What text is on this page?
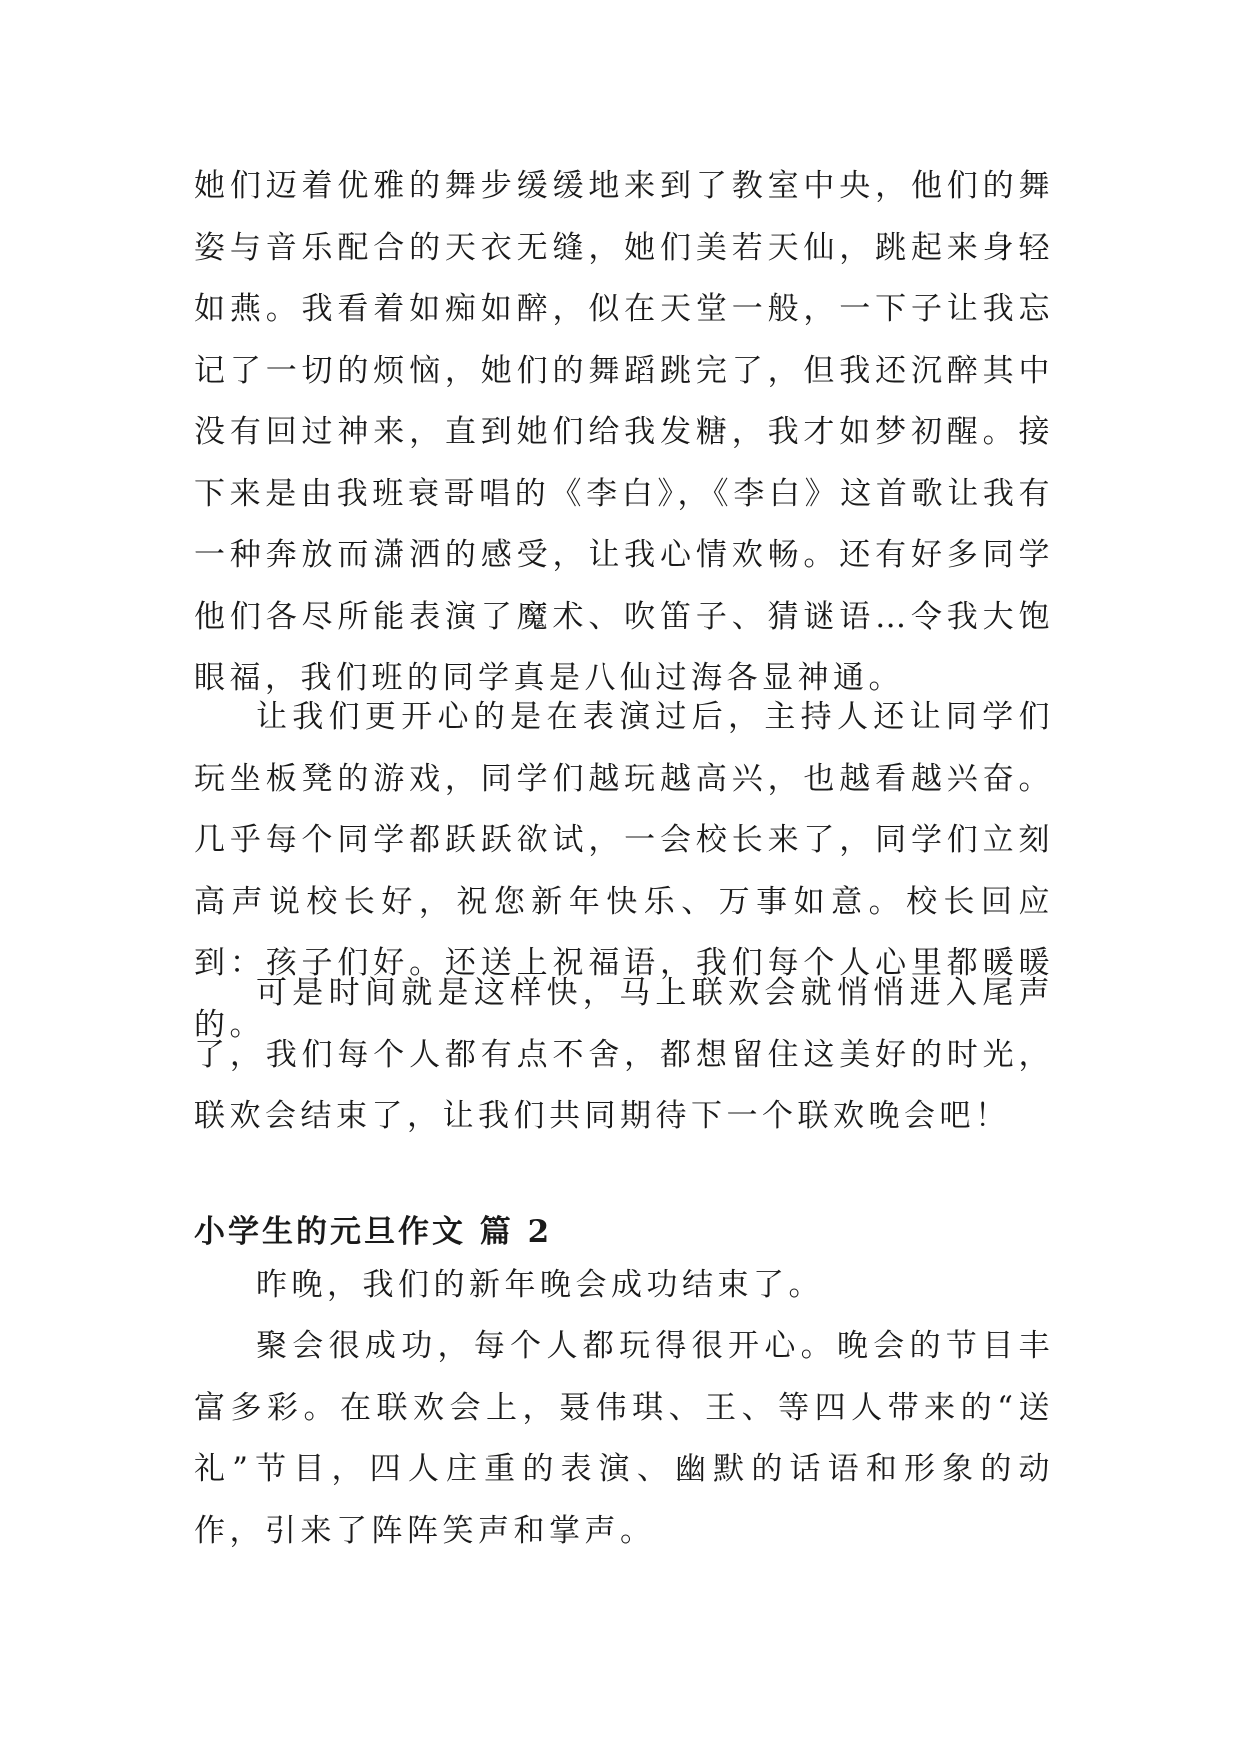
她们迈着优雅的舞步缓缓地来到了教室中央，他们的舞姿与音乐配合的天衣无缝，她们美若天仙，跳起来身轻如燕。我看着如痴如醉，似在天堂一般，一下子让我忘记了一切的烦恼，她们的舞蹈跳完了，但我还沉醉其中没有回过神来，直到她们给我发糖，我才如梦初醒。接下来是由我班衰哥唱的《李白》，《李白》这首歌让我有一种奔放而潇洒的感受，让我心情欢畅。还有好多同学他们各尽所能表演了魔术、吹笛子、猜谜语…令我大饱眼福，我们班的同学真是八仙过海各显神通。

让我们更开心的是在表演过后，主持人还让同学们玩坐板凳的游戏，同学们越玩越高兴，也越看越兴奋。几乎每个同学都跃跃欲试，一会校长来了，同学们立刻高声说校长好，祝您新年快乐、万事如意。校长回应到：孩子们好。还送上祝福语，我们每个人心里都暖暖的。

可是时间就是这样快，马上联欢会就悄悄进入尾声了，我们每个人都有点不舍，都想留住这美好的时光，联欢会结束了，让我们共同期待下一个联欢晚会吧！

小学生的元旦作文 篇 2

昨晚，我们的新年晚会成功结束了。

聚会很成功，每个人都玩得很开心。晚会的节目丰富多彩。在联欢会上，聂伟琪、王、等四人带来的“送礼”节目，四人庄重的表演、幽默的话语和形象的动作，引来了阵阵笑声和掌声。
